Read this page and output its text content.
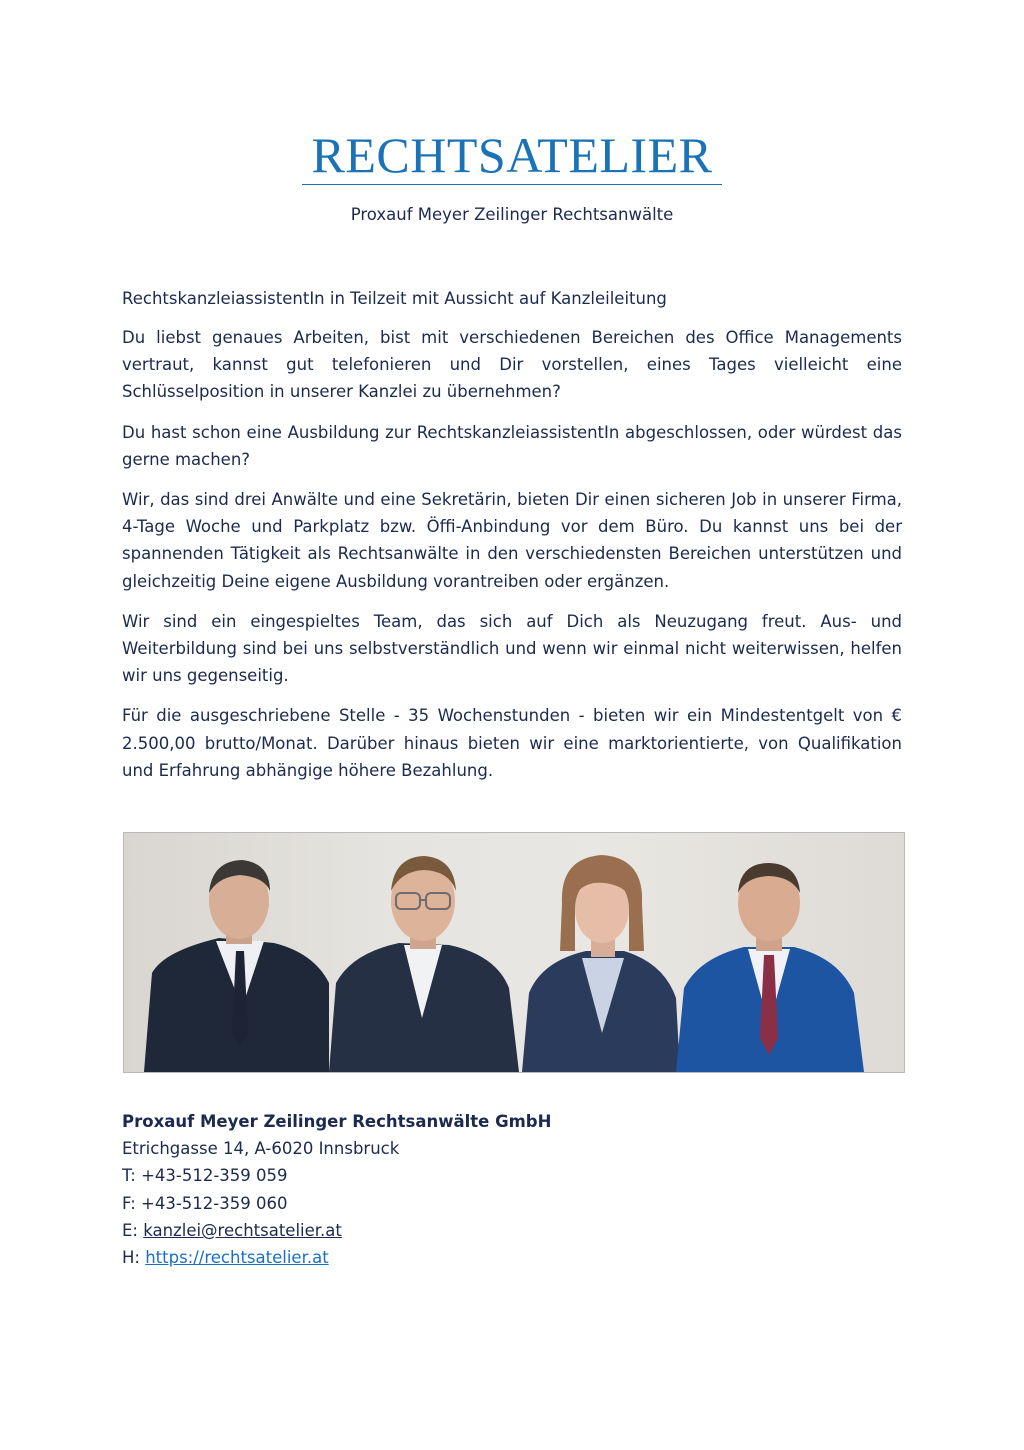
RECHTSATELIER
Proxauf Meyer Zeilinger Rechtsanwälte

RechtskanzleiassistentIn in Teilzeit mit Aussicht auf Kanzleileitung

Du liebst genaues Arbeiten, bist mit verschiedenen Bereichen des Office Managements vertraut, kannst gut telefonieren und Dir vorstellen, eines Tages vielleicht eine Schlüsselposition in unserer Kanzlei zu übernehmen?

Du hast schon eine Ausbildung zur RechtskanzleiassistentIn abgeschlossen, oder würdest das gerne machen?

Wir, das sind drei Anwälte und eine Sekretärin, bieten Dir einen sicheren Job in unserer Firma, 4-Tage Woche und Parkplatz bzw. Öffi-Anbindung vor dem Büro. Du kannst uns bei der spannenden Tätigkeit als Rechtsanwälte in den verschiedensten Bereichen unterstützen und gleichzeitig Deine eigene Ausbildung vorantreiben oder ergänzen.

Wir sind ein eingespieltes Team, das sich auf Dich als Neuzugang freut. Aus- und Weiterbildung sind bei uns selbstverständlich und wenn wir einmal nicht weiterwissen, helfen wir uns gegenseitig.

Für die ausgeschriebene Stelle - 35 Wochenstunden - bieten wir ein Mindestentgelt von € 2.500,00 brutto/Monat. Darüber hinaus bieten wir eine marktorientierte, von Qualifikation und Erfahrung abhängige höhere Bezahlung.

Proxauf Meyer Zeilinger Rechtsanwälte GmbH
Etrichgasse 14, A-6020 Innsbruck
T: +43-512-359 059
F: +43-512-359 060
E: kanzlei@rechtsatelier.at
H: https://rechtsatelier.at
